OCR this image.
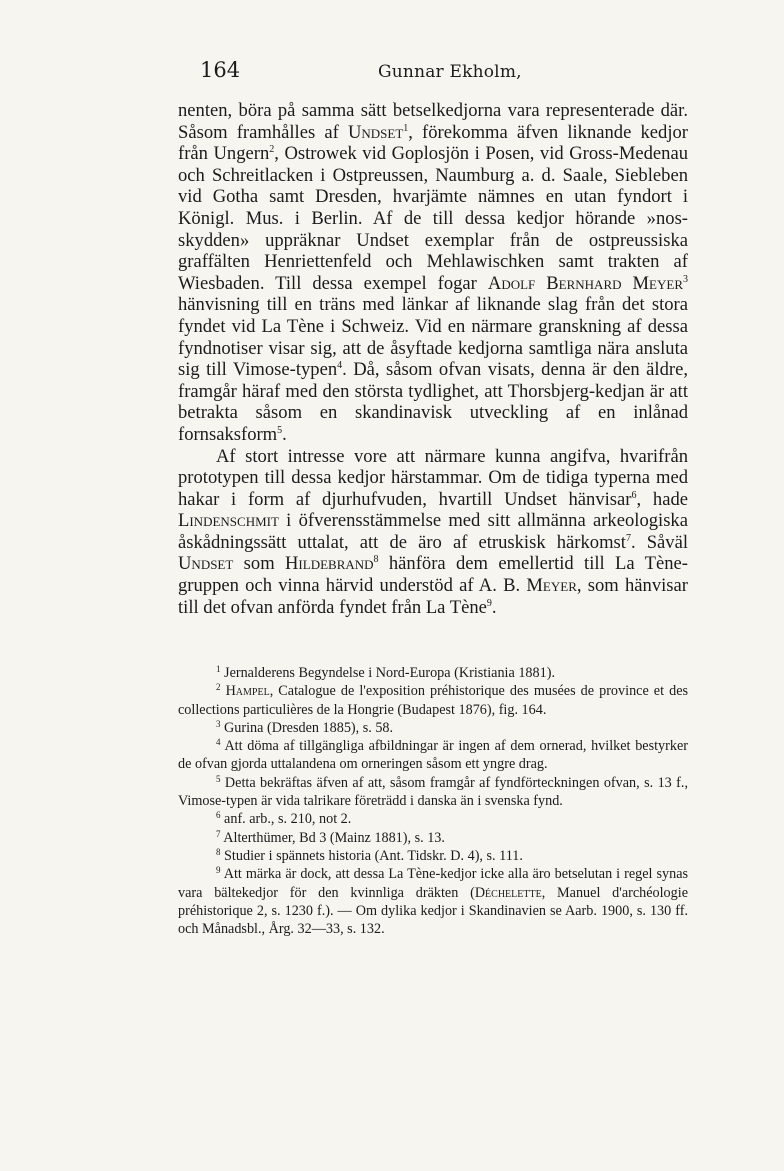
164	Gunnar Ekholm,

nenten, böra på samma sätt betselkedjorna vara representerade där. Såsom framhålles af Undset$^1$, förekomma äfven liknande kedjor från Ungern$^2$, Ostrowek vid Goplosjön i Posen, vid Gross-Medenau och Schreitlacken i Ostpreussen, Naumburg a. d. Saale, Siebleben vid Gotha samt Dresden, hvarjämte nämnes en utan fyndort i Königl. Mus. i Berlin. Af de till dessa kedjor hörande »nos-skydden» uppräknar Undset exemplar från de ostpreussiska graffälten Henriettenfeld och Mehlawischken samt trakten af Wiesbaden. Till dessa exempel fogar Adolf Bernhard Meyer$^3$ hänvisning till en träns med länkar af liknande slag från det stora fyndet vid La Tène i Schweiz. Vid en närmare granskning af dessa fyndnotiser visar sig, att de åsyftade kedjorna samtliga nära ansluta sig till Vimose-typen$^4$. Då, såsom ofvan visats, denna är den äldre, framgår häraf med den största tydlighet, att Thorsbjerg-kedjan är att betrakta såsom en skandinavisk utveckling af en inlånad fornsaksform$^5$.

Af stort intresse vore att närmare kunna angifva, hvarifrån prototypen till dessa kedjor härstammar. Om de tidiga typerna med hakar i form af djurhufvuden, hvartill Undset hänvisar$^6$, hade Lindenschmit i öfverensstämmelse med sitt allmänna arkeologiska åskådningssätt uttalat, att de äro af etruskisk härkomst$^7$. Såväl Undset som Hildebrand$^8$ hänföra dem emellertid till La Tène-gruppen och vinna härvid understöd af A. B. Meyer, som hänvisar till det ofvan anförda fyndet från La Tène$^9$.

$^1$ Jernalderens Begyndelse i Nord-Europa (Kristiania 1881).

$^2$ Hampel, Catalogue de l'exposition préhistorique des musées de province et des collections particulières de la Hongrie (Budapest 1876), fig. 164.

$^3$ Gurina (Dresden 1885), s. 58.

$^4$ Att döma af tillgängliga afbildningar är ingen af dem ornerad, hvilket bestyrker de ofvan gjorda uttalandena om orneringen såsom ett yngre drag.

$^5$ Detta bekräftas äfven af att, såsom framgår af fyndförteckningen ofvan, s. 13 f., Vimose-typen är vida talrikare företrädd i danska än i svenska fynd.

$^6$ anf. arb., s. 210, not 2.

$^7$ Alterthümer, Bd 3 (Mainz 1881), s. 13.

$^8$ Studier i spännets historia (Ant. Tidskr. D. 4), s. 111.

$^9$ Att märka är dock, att dessa La Tène-kedjor icke alla äro betselutan i regel synas vara bältekedjor för den kvinnliga dräkten (Déchelette, Manuel d'archéologie préhistorique 2, s. 1230 f.). — Om dylika kedjor i Skandinavien se Aarb. 1900, s. 130 ff. och Månadsbl., Årg. 32—33, s. 132.
